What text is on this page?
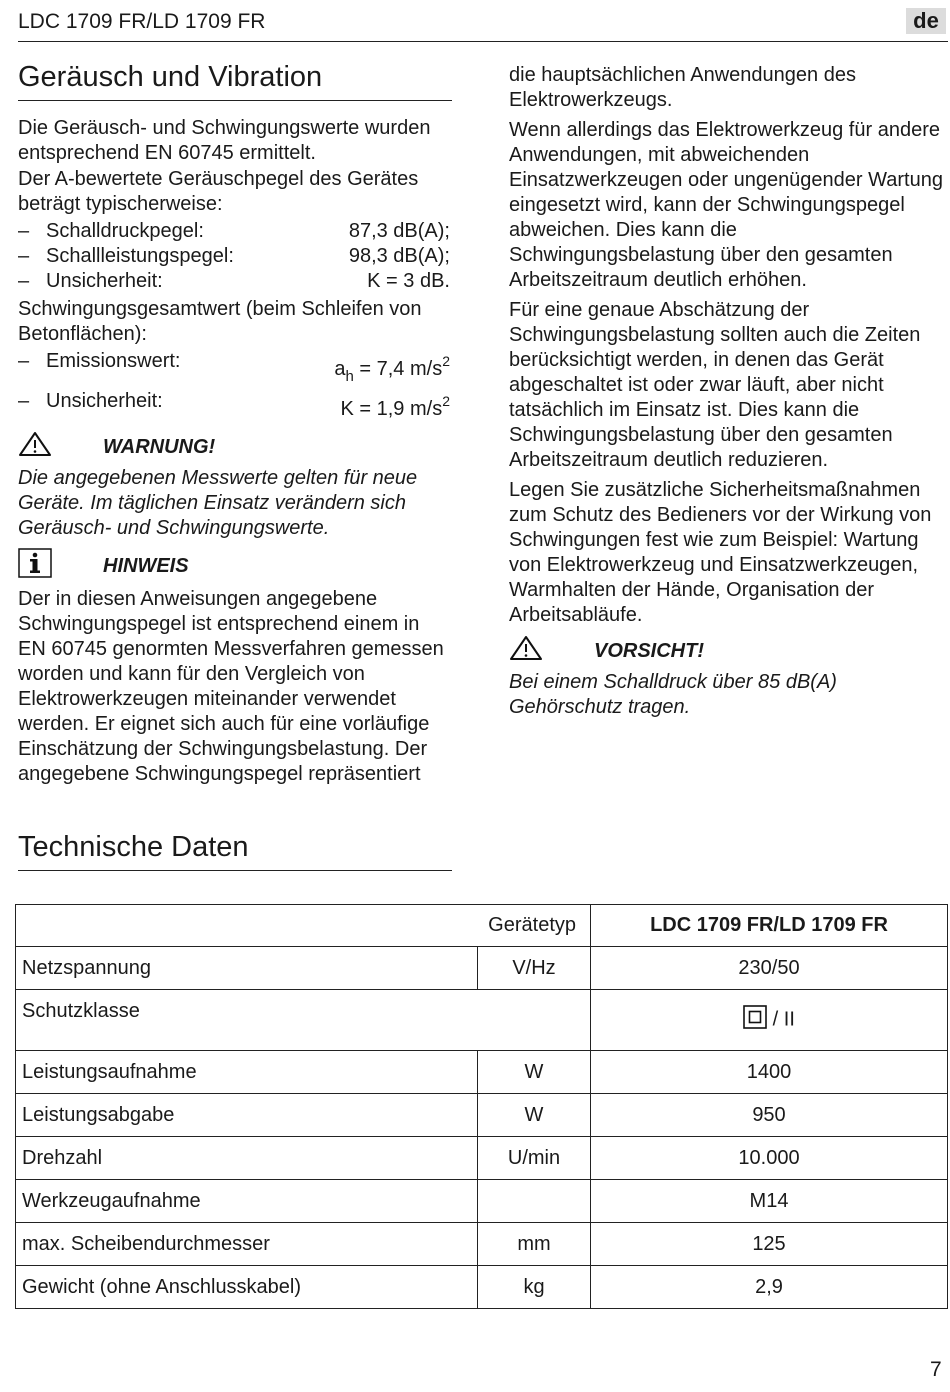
LDC 1709 FR/LD 1709 FR	de
Geräusch und Vibration

Die Geräusch- und Schwingungswerte wurden entsprechend EN 60745 ermittelt.

Der A-bewertete Geräuschpegel des Gerätes beträgt typischerweise:

– Schalldruckpegel:	87,3 dB(A);
– Schallleistungspegel:	98,3 dB(A);
– Unsicherheit:	K = 3 dB.

Schwingungsgesamtwert (beim Schleifen von Betonflächen):

– Emissionswert:	$a_h = 7,4$ $m/s^2$
– Unsicherheit:	K = 1,9 $m/s^2$
WARNUNG!

Die angegebenen Messwerte gelten für neue Geräte. Im täglichen Einsatz verändern sich Geräusch- und Schwingungswerte.

HINWEIS

Der in diesen Anweisungen angegebene Schwingungspegel ist entsprechend einem in EN 60745 genormten Messverfahren gemessen worden und kann für den Vergleich von Elektrowerkzeugen miteinander verwendet werden. Er eignet sich auch für eine vorläufige Einschätzung der Schwingungsbelastung. Der angegebene Schwingungspegel repräsentiert

die hauptsächlichen Anwendungen des Elektrowerkzeugs.

Wenn allerdings das Elektrowerkzeug für andere Anwendungen, mit abweichenden Einsatzwerkzeugen oder ungenügender Wartung eingesetzt wird, kann der Schwingungspegel abweichen. Dies kann die Schwingungsbelastung über den gesamten Arbeitszeitraum deutlich erhöhen.

Für eine genaue Abschätzung der Schwingungsbelastung sollten auch die Zeiten berücksichtigt werden, in denen das Gerät abgeschaltet ist oder zwar läuft, aber nicht tatsächlich im Einsatz ist. Dies kann die Schwingungsbelastung über den gesamten Arbeitszeitraum deutlich reduzieren.

Legen Sie zusätzliche Sicherheitsmaßnahmen zum Schutz des Bedieners vor der Wirkung von Schwingungen fest wie zum Beispiel: Wartung von Elektrowerkzeug und Einsatzwerkzeugen, Warmhalten der Hände, Organisation der Arbeitsabläufe.

VORSICHT!

Bei einem Schalldruck über 85 dB(A) Gehörschutz tragen.

Technische Daten
Gerätetyp		LDC 1709 FR/LD 1709 FR
Netzspannung	V/Hz	230/50
Schutzklasse		/ II
Leistungsaufnahme	W	1400
Leistungsabgabe	W	950
Drehzahl	U/min	10.000
Werkzeugaufnahme		M14
max. Scheibendurchmesser	mm	125
Gewicht (ohne Anschlusskabel)	kg	2,9
7
